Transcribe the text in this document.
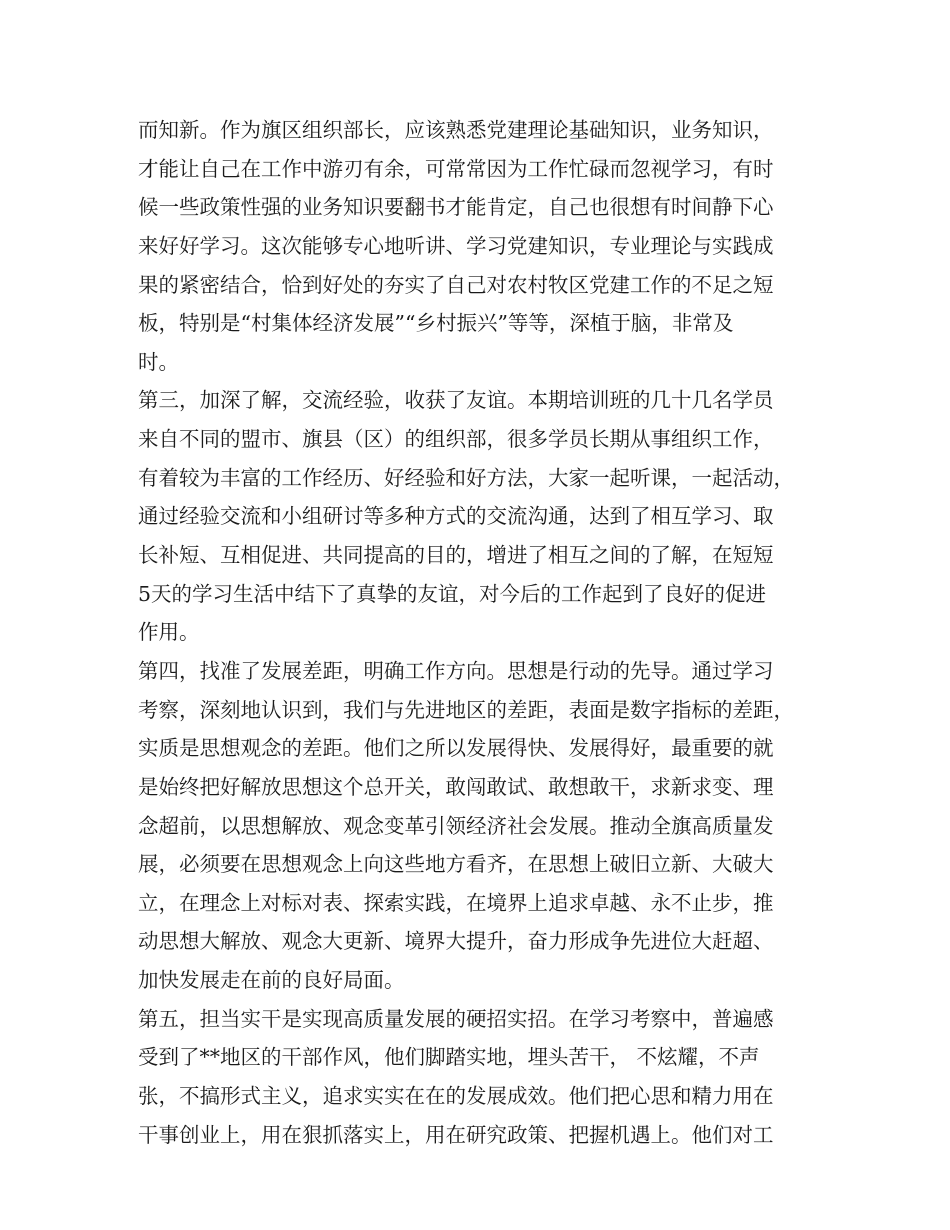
而知新。作为旗区组织部长，应该熟悉党建理论基础知识，业务知识，
才能让自己在工作中游刃有余，可常常因为工作忙碌而忽视学习，有时
候一些政策性强的业务知识要翻书才能肯定，自己也很想有时间静下心
来好好学习。这次能够专心地听讲、学习党建知识，专业理论与实践成
果的紧密结合，恰到好处的夯实了自己对农村牧区党建工作的不足之短
板，特别是“村集体经济发展”“乡村振兴”等等，深植于脑，非常及
时。
第三，加深了解，交流经验，收获了友谊。本期培训班的几十几名学员
来自不同的盟市、旗县（区）的组织部，很多学员长期从事组织工作，
有着较为丰富的工作经历、好经验和好方法，大家一起听课，一起活动，
通过经验交流和小组研讨等多种方式的交流沟通，达到了相互学习、取
长补短、互相促进、共同提高的目的，增进了相互之间的了解，在短短
5天的学习生活中结下了真挚的友谊，对今后的工作起到了良好的促进
作用。
第四，找准了发展差距，明确工作方向。思想是行动的先导。通过学习
考察，深刻地认识到，我们与先进地区的差距，表面是数字指标的差距，
实质是思想观念的差距。他们之所以发展得快、发展得好，最重要的就
是始终把好解放思想这个总开关，敢闯敢试、敢想敢干，求新求变、理
念超前，以思想解放、观念变革引领经济社会发展。推动全旗高质量发
展，必须要在思想观念上向这些地方看齐，在思想上破旧立新、大破大
立，在理念上对标对表、探索实践，在境界上追求卓越、永不止步，推
动思想大解放、观念大更新、境界大提升，奋力形成争先进位大赶超、
加快发展走在前的良好局面。
第五，担当实干是实现高质量发展的硬招实招。在学习考察中，普遍感
受到了**地区的干部作风，他们脚踏实地，埋头苦干， 不炫耀，不声
张，不搞形式主义，追求实实在在的发展成效。他们把心思和精力用在
干事创业上，用在狠抓落实上，用在研究政策、把握机遇上。他们对工
